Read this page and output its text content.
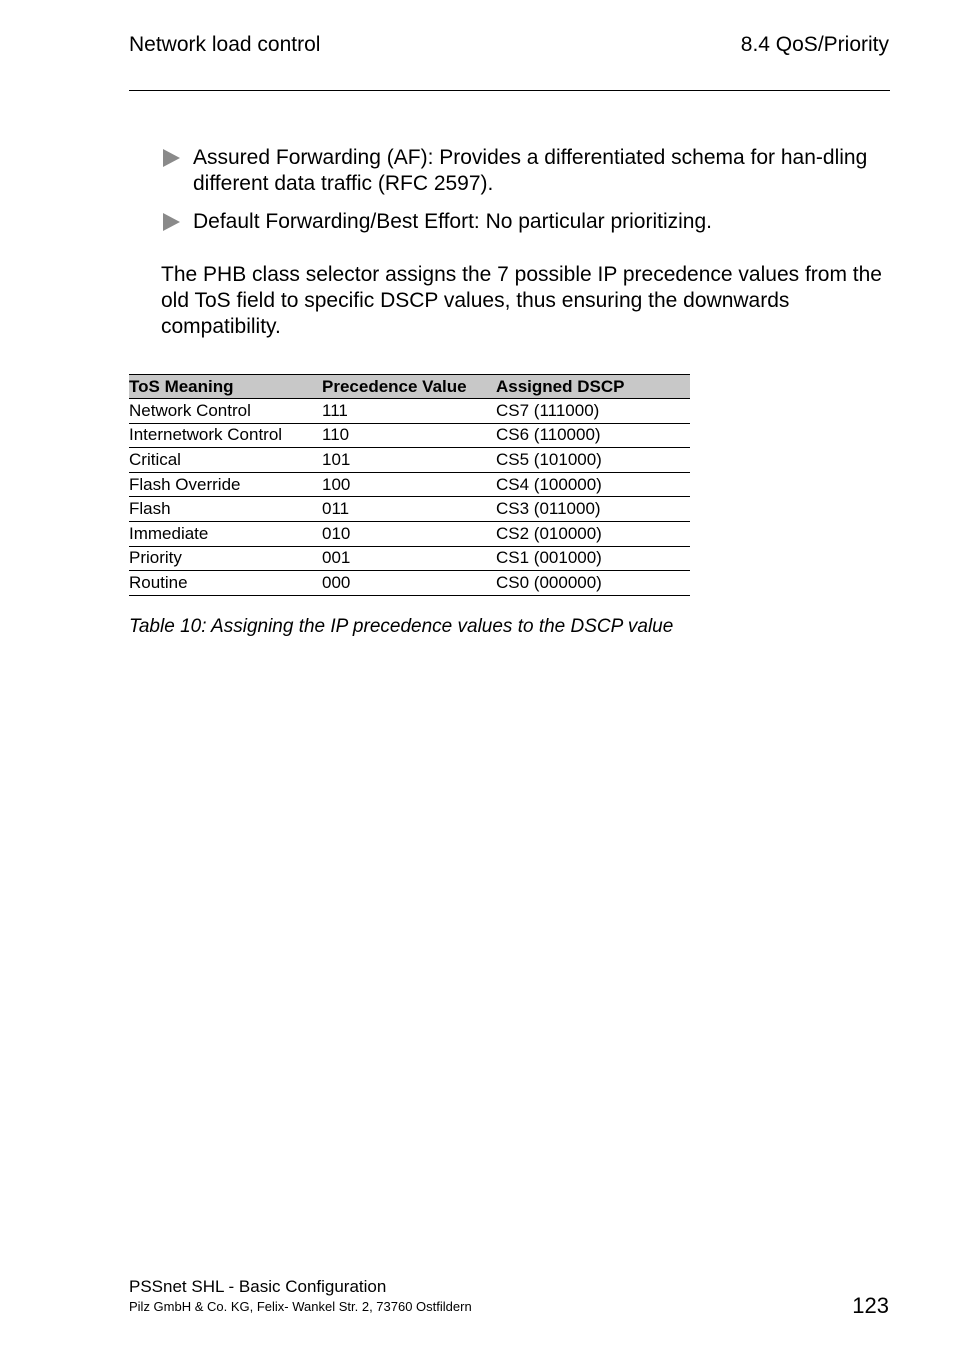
Network load control	8.4 QoS/Priority
Assured Forwarding (AF): Provides a differentiated schema for han-dling different data traffic (RFC 2597).
Default Forwarding/Best Effort: No particular prioritizing.
The PHB class selector assigns the 7 possible IP precedence values from the old ToS field to specific DSCP values, thus ensuring the downwards compatibility.
ToS Meaning	Precedence Value	Assigned DSCP
Network Control	111	CS7 (111000)
Internetwork Control	110	CS6 (110000)
Critical	101	CS5 (101000)
Flash Override	100	CS4 (100000)
Flash	011	CS3 (011000)
Immediate	010	CS2 (010000)
Priority	001	CS1 (001000)
Routine	000	CS0 (000000)
Table 10: Assigning the IP precedence values to the DSCP value
PSSnet SHL - Basic Configuration
Pilz GmbH & Co. KG, Felix- Wankel Str. 2, 73760 Ostfildern	123
